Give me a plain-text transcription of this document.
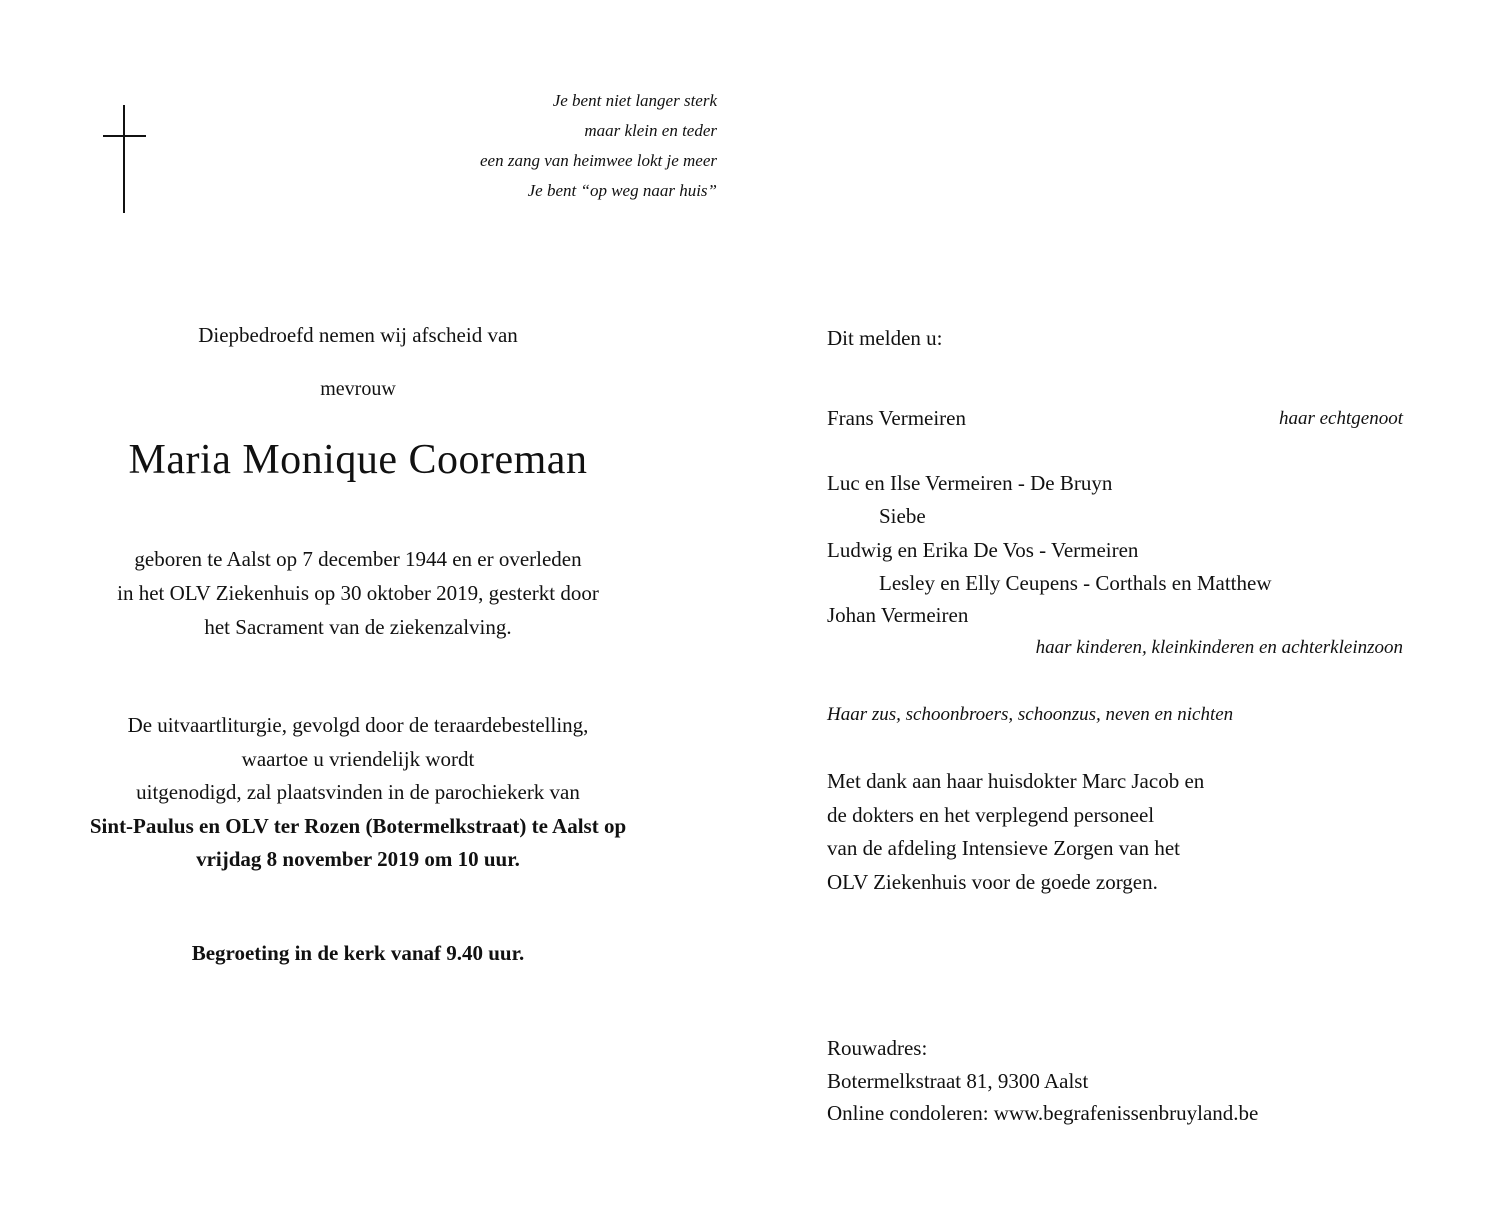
Je bent niet langer sterk
maar klein en teder
een zang van heimwee lokt je meer
Je bent “op weg naar huis”
Diepbedroefd nemen wij afscheid van
mevrouw
Maria Monique Cooreman
geboren te Aalst op 7 december 1944 en er overleden
in het OLV Ziekenhuis op 30 oktober 2019, gesterkt door
het Sacrament van de ziekenzalving.
De uitvaartliturgie, gevolgd door de teraardebestelling,
waartoe u vriendelijk wordt
uitgenodigd, zal plaatsvinden in de parochiekerk van
Sint-Paulus en OLV ter Rozen (Botermelkstraat) te Aalst op
vrijdag 8 november 2019 om 10 uur.
Begroeting in de kerk vanaf 9.40 uur.
Dit melden u:
Frans Vermeiren	haar echtgenoot
Luc en Ilse Vermeiren - De Bruyn
Siebe
Ludwig en Erika De Vos - Vermeiren
Lesley en Elly Ceupens - Corthals en Matthew
Johan Vermeiren
haar kinderen, kleinkinderen en achterkleinzoon
Haar zus, schoonbroers, schoonzus, neven en nichten
Met dank aan haar huisdokter Marc Jacob en
de dokters en het verplegend personeel
van de afdeling Intensieve Zorgen van het
OLV Ziekenhuis voor de goede zorgen.
Rouwadres:
Botermelkstraat 81, 9300 Aalst
Online condoleren: www.begrafenissenbruyland.be
